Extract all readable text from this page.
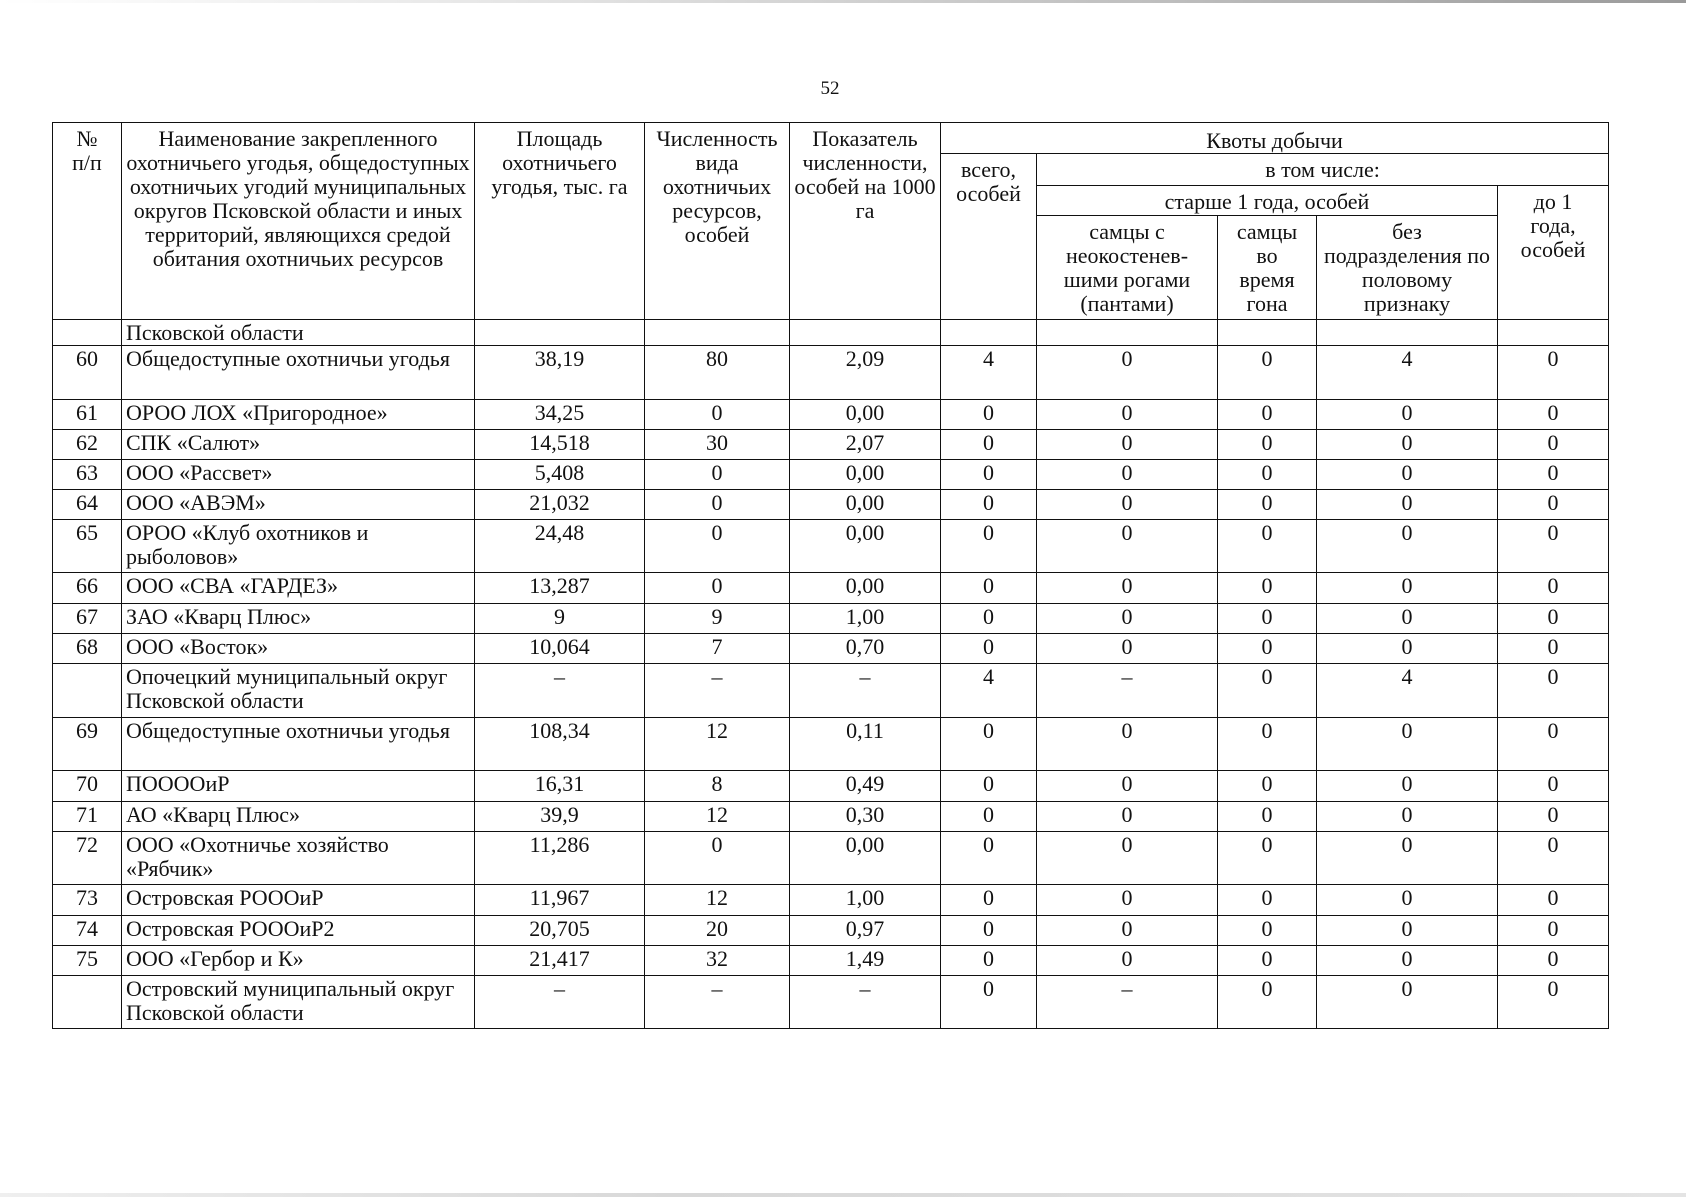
52
№ п/п	Наименование закрепленного охотничьего угодья, общедоступных охотничьих угодий муниципальных округов Псковской области и иных территорий, являющихся средой обитания охотничьих ресурсов	Площадь охотничьего угодья, тыс. га	Численность вида охотничьих ресурсов, особей	Показатель численности, особей на 1000 га	Квоты добычи				
					всего, особей	в том числе:			
						старше 1 года, особей			до 1 года, особей
						самцы с неокостенев-шими рогами (пантами)	самцы во время гона	без подразделения по половому признаку	
	Псковской области								
60	Общедоступные охотничьи угодья	38,19	80	2,09	4	0	0	4	0
61	ОРОО ЛОХ «Пригородное»	34,25	0	0,00	0	0	0	0	0
62	СПК «Салют»	14,518	30	2,07	0	0	0	0	0
63	ООО «Рассвет»	5,408	0	0,00	0	0	0	0	0
64	ООО «АВЭМ»	21,032	0	0,00	0	0	0	0	0
65	ОРОО «Клуб охотников и рыболовов»	24,48	0	0,00	0	0	0	0	0
66	ООО «СВА «ГАРДЕЗ»	13,287	0	0,00	0	0	0	0	0
67	ЗАО «Кварц Плюс»	9	9	1,00	0	0	0	0	0
68	ООО «Восток»	10,064	7	0,70	0	0	0	0	0
	Опочецкий муниципальный округ Псковской области	–	–	–	4	–	0	4	0
69	Общедоступные охотничьи угодья	108,34	12	0,11	0	0	0	0	0
70	ПООООиР	16,31	8	0,49	0	0	0	0	0
71	АО «Кварц Плюс»	39,9	12	0,30	0	0	0	0	0
72	ООО «Охотничье хозяйство «Рябчик»	11,286	0	0,00	0	0	0	0	0
73	Островская РОООиР	11,967	12	1,00	0	0	0	0	0
74	Островская РОООиР2	20,705	20	0,97	0	0	0	0	0
75	ООО «Гербор и К»	21,417	32	1,49	0	0	0	0	0
	Островский муниципальный округ Псковской области	–	–	–	0	–	0	0	0
